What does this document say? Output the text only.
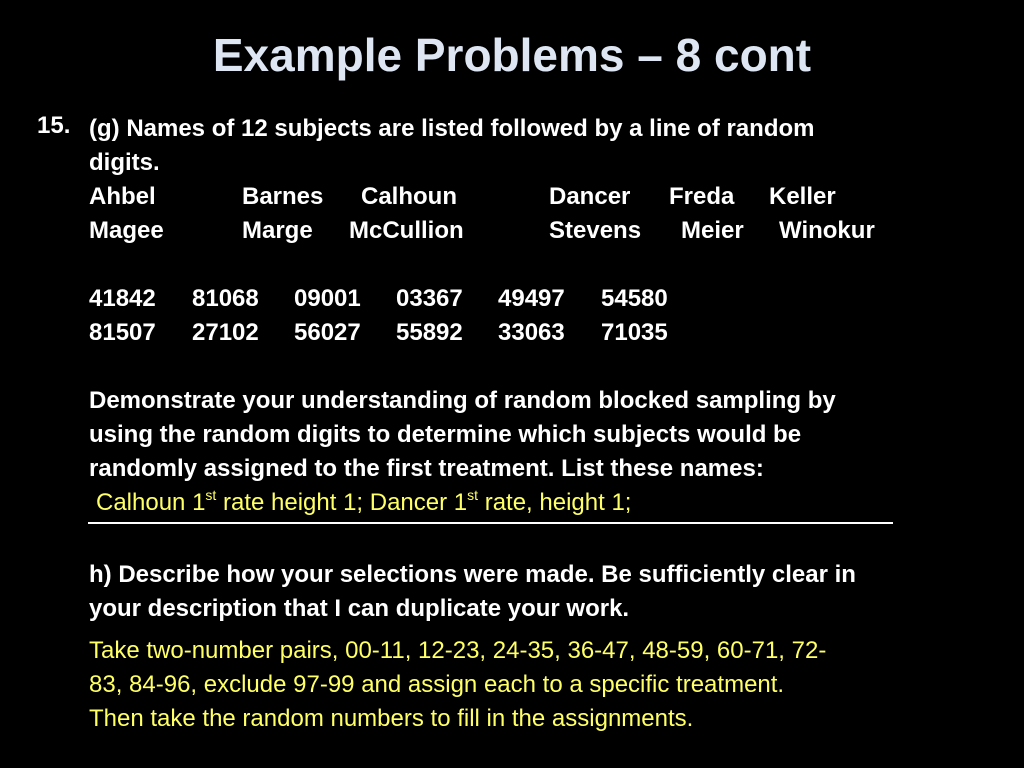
Example Problems – 8 cont
15. (g) Names of 12 subjects are listed followed by a line of random
digits.
Ahbel	Barnes Calhoun	Dancer Freda Keller
Magee	Marge McCullion	Stevens Meier Winokur
41842 81068 09001 03367 49497 54580
81507 27102 56027 55892 33063 71035
Demonstrate your understanding of random blocked sampling by
using the random digits to determine which subjects would be
randomly assigned to the first treatment. List these names:
Calhoun 1st rate height 1; Dancer 1st rate, height 1;
h) Describe how your selections were made. Be sufficiently clear in
your description that I can duplicate your work.
Take two-number pairs, 00-11, 12-23, 24-35, 36-47, 48-59, 60-71, 72-
83, 84-96, exclude 97-99 and assign each to a specific treatment.
Then take the random numbers to fill in the assignments.
